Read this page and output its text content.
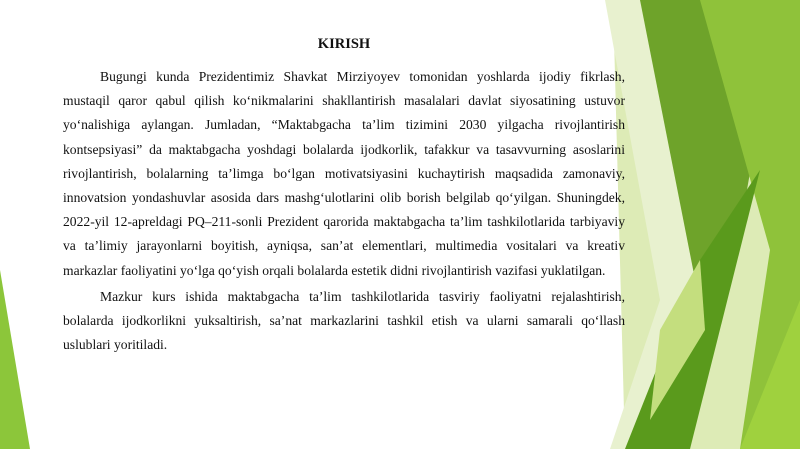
KIRISH

Bugungi kunda Prezidentimiz Shavkat Mirziyoyev tomonidan yoshlarda ijodiy fikrlash, mustaqil qaror qabul qilish koʻnikmalarini shakllantirish masalalari davlat siyosatining ustuvor yoʻnalishiga aylangan. Jumladan, “Maktabgacha taʼlim tizimini 2030 yilgacha rivojlantirish kontsepsiyasi” da maktabgacha yoshdagi bolalarda ijodkorlik, tafakkur va tasavvurning asoslarini rivojlantirish, bolalarning taʼlimga boʻlgan motivatsiyasini kuchaytirish maqsadida zamonaviy, innovatsion yondashuvlar asosida dars mashgʻulotlarini olib borish belgilab qoʻyilgan. Shuningdek, 2022-yil 12-apreldagi PQ–211-sonli Prezident qarorida maktabgacha taʼlim tashkilotlarida tarbiyaviy va taʼlimiy jarayonlarni boyitish, ayniqsa, sanʼat elementlari, multimedia vositalari va kreativ markazlar faoliyatini yoʻlga qoʻyish orqali bolalarda estetik didni rivojlantirish vazifasi yuklatilgan.

Mazkur kurs ishida maktabgacha taʼlim tashkilotlarida tasviriy faoliyatni rejalashtirish, bolalarda ijodkorlikni yuksaltirish, saʼnat markazlarini tashkil etish va ularni samarali qoʻllash uslublari yoritiladi.
